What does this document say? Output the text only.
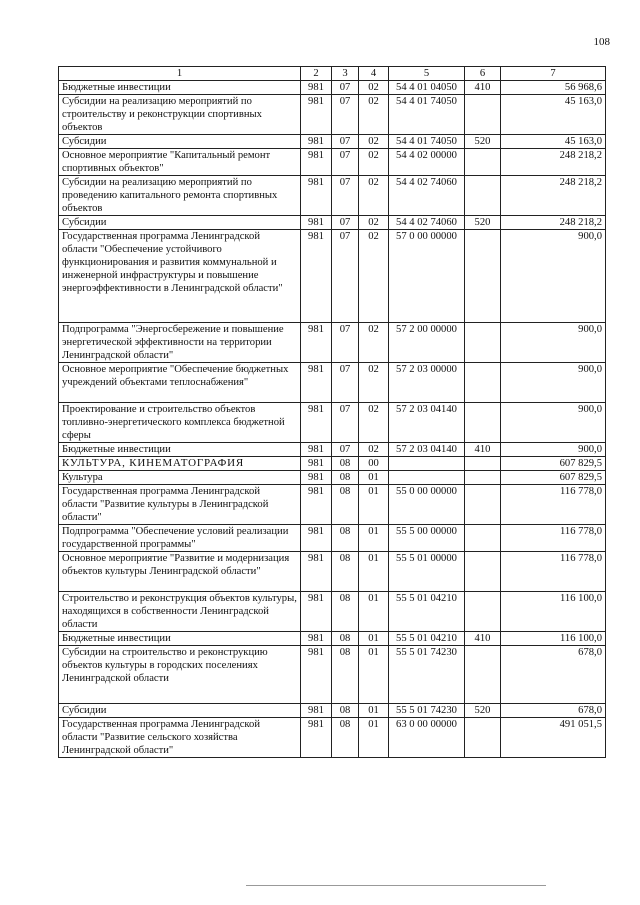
108
1	2	3	4	5	6	7
Бюджетные инвестиции	981	07	02	54 4 01 04050	410	56 968,6
Субсидии на реализацию мероприятий по строительству и реконструкции спортивных объектов	981	07	02	54 4 01 74050		45 163,0
Субсидии	981	07	02	54 4 01 74050	520	45 163,0
Основное мероприятие "Капитальный ремонт спортивных объектов"	981	07	02	54 4 02 00000		248 218,2
Субсидии на реализацию мероприятий по проведению капитального ремонта спортивных объектов	981	07	02	54 4 02 74060		248 218,2
Субсидии	981	07	02	54 4 02 74060	520	248 218,2
Государственная программа Ленинградской области "Обеспечение устойчивого функционирования и развития коммунальной и инженерной инфраструктуры и повышение энергоэффективности в Ленинградской области"	981	07	02	57 0 00 00000		900,0
Подпрограмма "Энергосбережение и повышение энергетической эффективности на территории Ленинградской области"	981	07	02	57 2 00 00000		900,0
Основное мероприятие "Обеспечение бюджетных учреждений объектами теплоснабжения"	981	07	02	57 2 03 00000		900,0
Проектирование и строительство объектов топливно-энергетического комплекса бюджетной сферы	981	07	02	57 2 03 04140		900,0
Бюджетные инвестиции	981	07	02	57 2 03 04140	410	900,0
КУЛЬТУРА, КИНЕМАТОГРАФИЯ	981	08	00			607 829,5
Культура	981	08	01			607 829,5
Государственная программа Ленинградской области "Развитие культуры в Ленинградской области"	981	08	01	55 0 00 00000		116 778,0
Подпрограмма "Обеспечение условий реализации государственной программы"	981	08	01	55 5 00 00000		116 778,0
Основное мероприятие "Развитие и модернизация объектов культуры Ленинградской области"	981	08	01	55 5 01 00000		116 778,0
Строительство и реконструкция объектов культуры, находящихся в собственности Ленинградской области	981	08	01	55 5 01 04210		116 100,0
Бюджетные инвестиции	981	08	01	55 5 01 04210	410	116 100,0
Субсидии на строительство и реконструкцию объектов культуры в городских поселениях Ленинградской области	981	08	01	55 5 01 74230		678,0
Субсидии	981	08	01	55 5 01 74230	520	678,0
Государственная программа Ленинградской области "Развитие сельского хозяйства Ленинградской области"	981	08	01	63 0 00 00000		491 051,5
